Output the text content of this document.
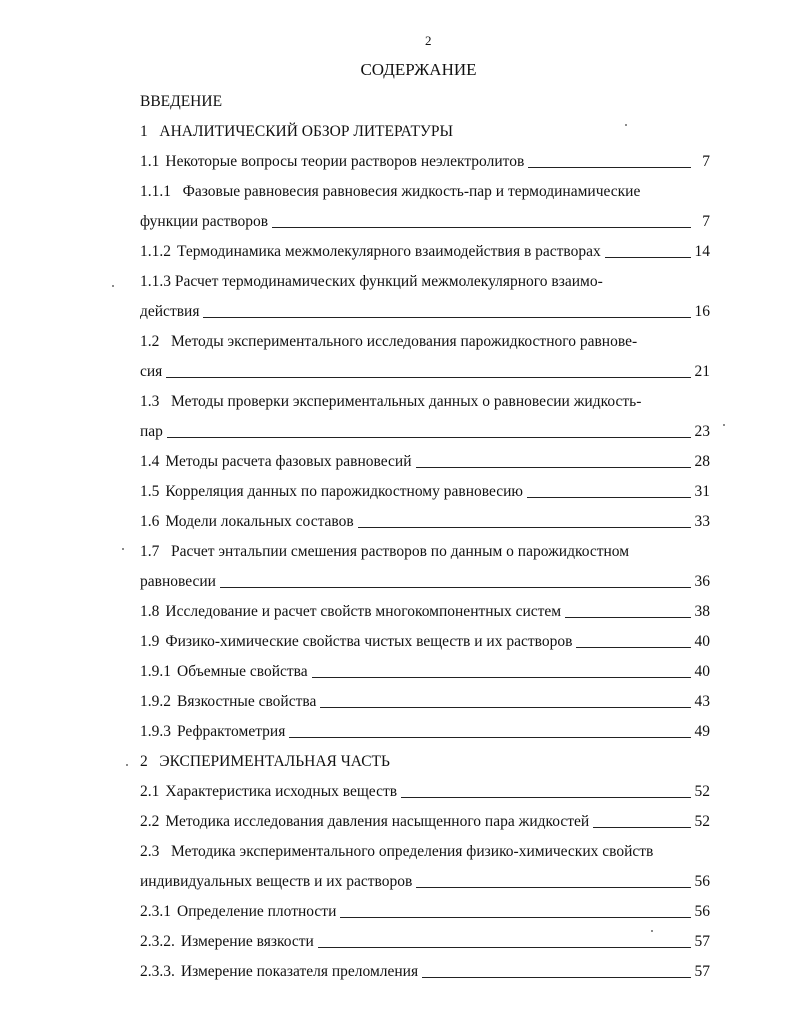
2
СОДЕРЖАНИЕ
ВВЕДЕНИЕ
1 АНАЛИТИЧЕСКИЙ ОБЗОР ЛИТЕРАТУРЫ
1.1 Некоторые вопросы теории растворов неэлектролитов	7
1.1.1 Фазовые равновесия равновесия жидкость-пар и термодинамические
функции растворов	7
1.1.2 Термодинамика межмолекулярного взаимодействия в растворах	14
1.1.3 Расчет термодинамических функций межмолекулярного взаимо-
действия	16
1.2 Методы экспериментального исследования парожидкостного равнове-
сия	21
1.3 Методы проверки экспериментальных данных о равновесии жидкость-
пар	23
1.4 Методы расчета фазовых равновесий	28
1.5 Корреляция данных по парожидкостному равновесию	31
1.6 Модели локальных составов	33
1.7 Расчет энтальпии смешения растворов по данным о парожидкостном
равновесии	36
1.8 Исследование и расчет свойств многокомпонентных систем	38
1.9 Физико-химические свойства чистых веществ и их растворов	40
1.9.1 Объемные свойства	40
1.9.2 Вязкостные свойства	43
1.9.3 Рефрактометрия	49
2 ЭКСПЕРИМЕНТАЛЬНАЯ ЧАСТЬ
2.1 Характеристика исходных веществ	52
2.2 Методика исследования давления насыщенного пара жидкостей	52
2.3 Методика экспериментального определения физико-химических свойств
индивидуальных веществ и их растворов	56
2.3.1 Определение плотности	56
2.3.2. Измерение вязкости	57
2.3.3. Измерение показателя преломления	57
